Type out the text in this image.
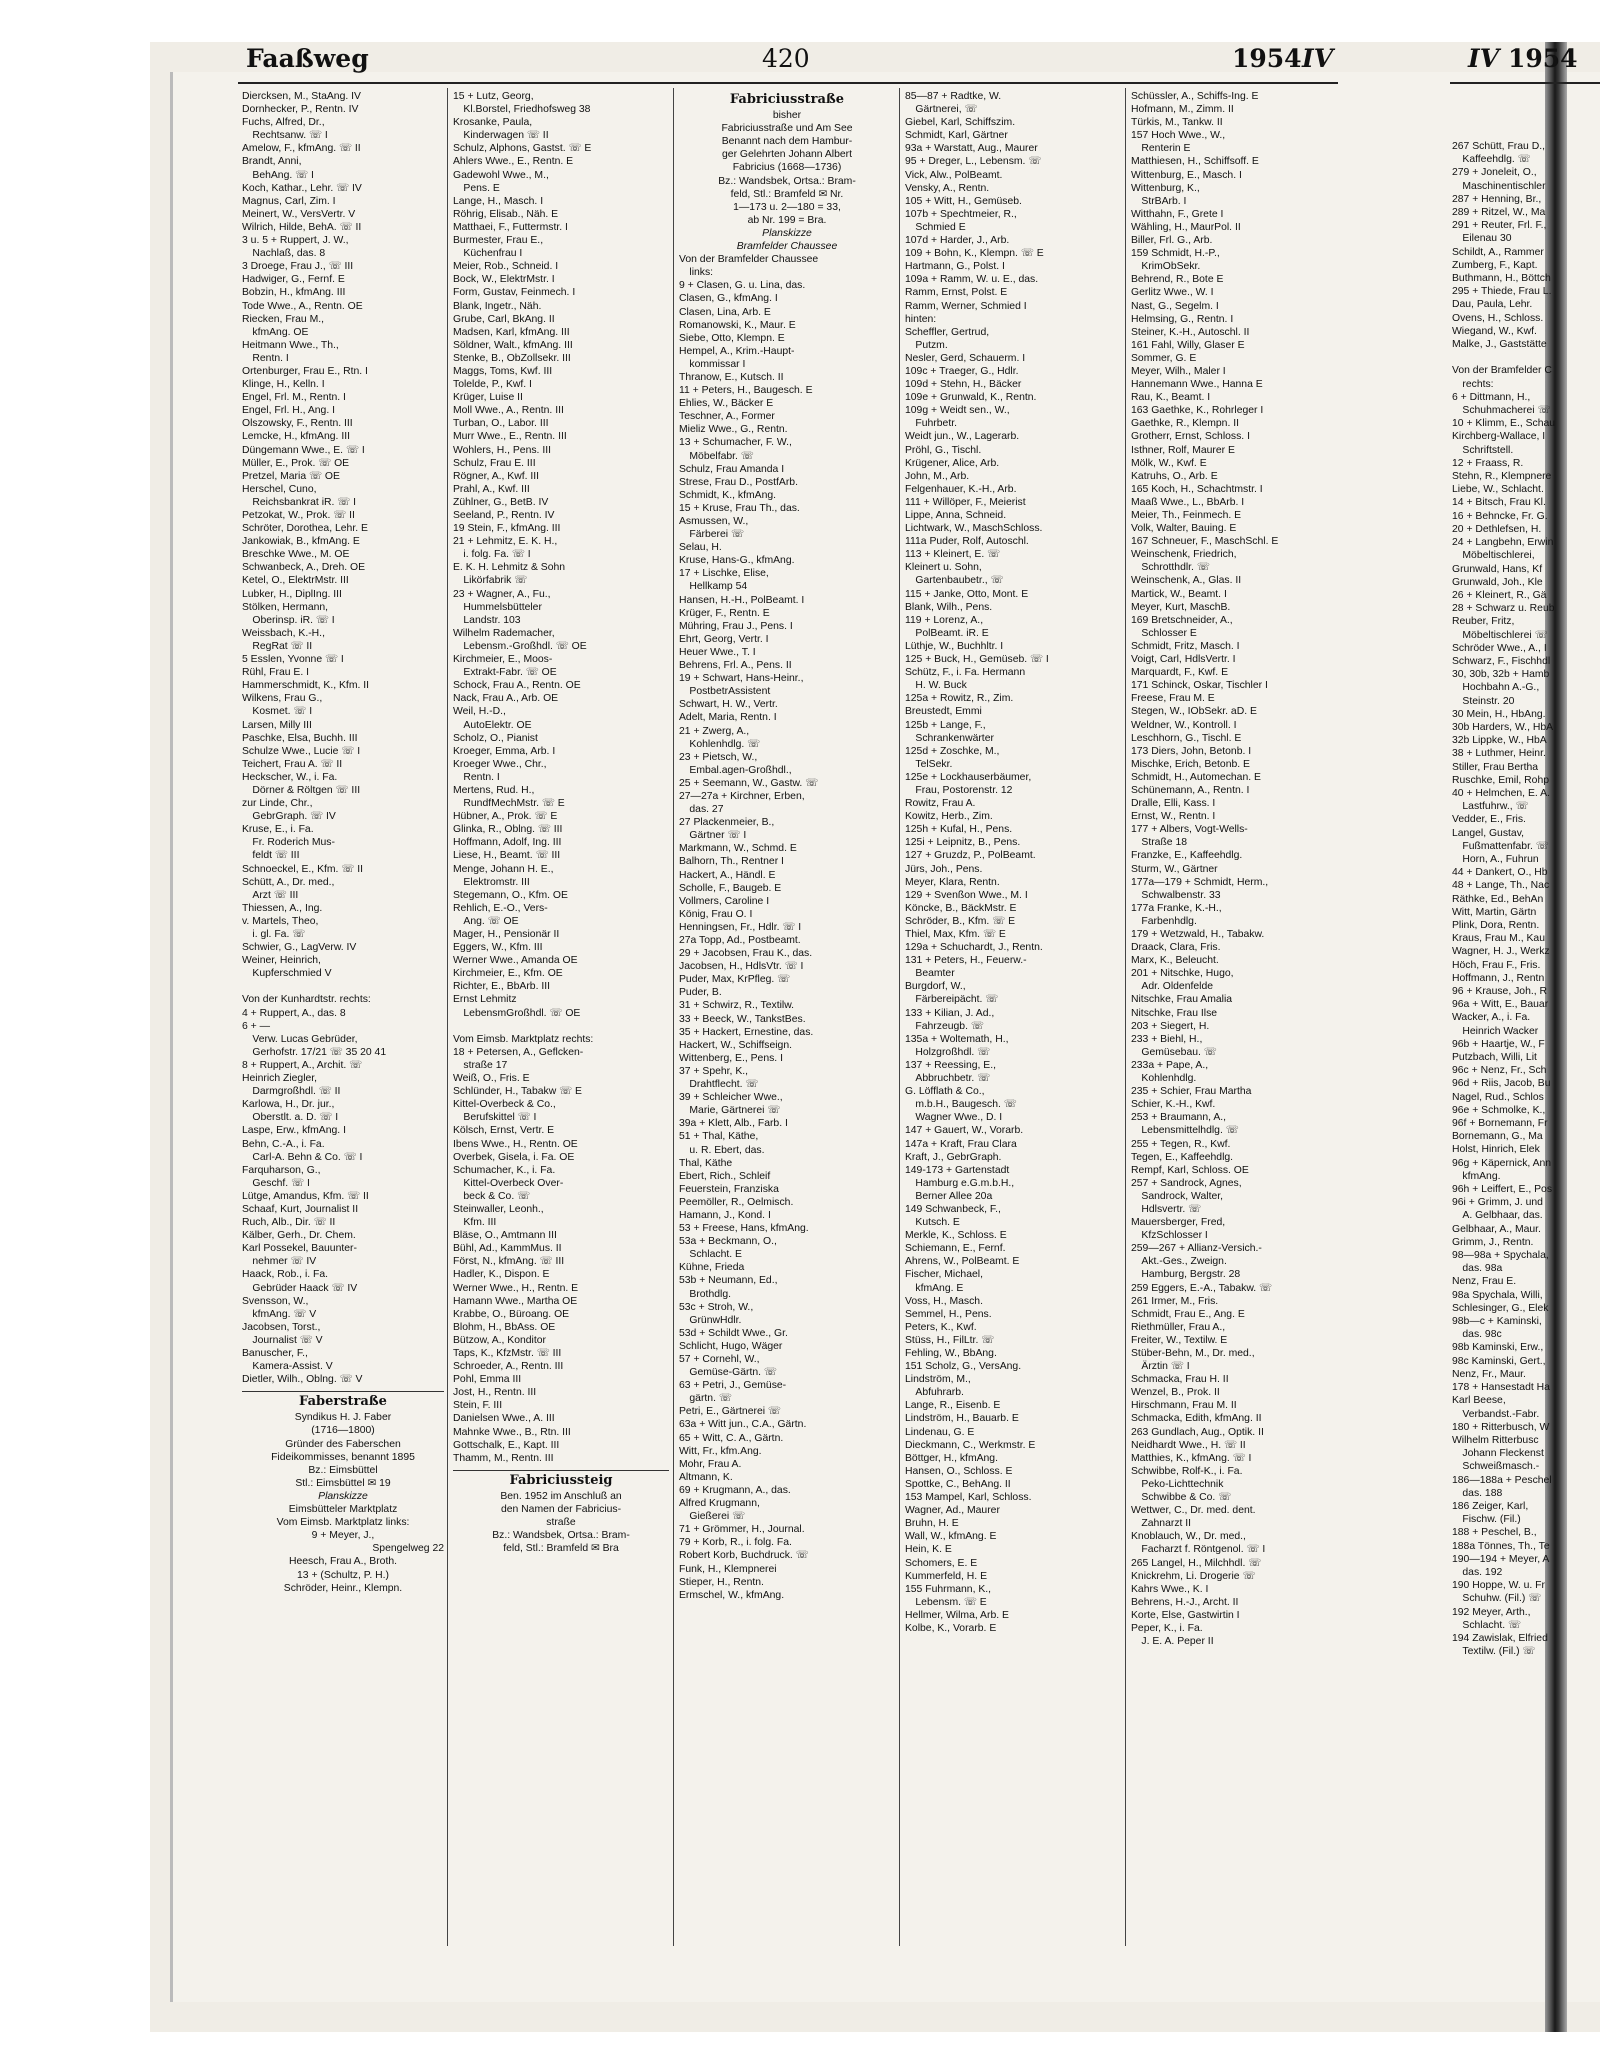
Faaßweg	420	1954 IV	IV 1954
Diercksen, M., StaAng. IV
Dornhecker, P., Rentn. IV
Fuchs, Alfred, Dr.,
 Rechtsanw. ☏ I
Amelow, F., kfmAng. ☏ II
Brandt, Anni,
 BehAng. ☏ I
Koch, Kathar., Lehr. ☏ IV
Magnus, Carl, Zim. I
Meinert, W., VersVertr. V
Wilrich, Hilde, BehA. ☏ II
3 u. 5 + Ruppert, J. W.,
 Nachlaß, das. 8
3 Droege, Frau J., ☏ III
Hadwiger, G., Fernf. E
Bobzin, H., kfmAng. III
Tode Wwe., A., Rentn. OE
Riecken, Frau M.,
 kfmAng. OE
Heitmann Wwe., Th.,
 Rentn. I
Ortenburger, Frau E., Rtn. I
Klinge, H., Kelln. I
Engel, Frl. M., Rentn. I
Engel, Frl. H., Ang. I
Olszowsky, F., Rentn. III
Lemcke, H., kfmAng. III
Düngemann Wwe., E. ☏ I
Müller, E., Prok. ☏ OE
Pretzel, Maria ☏ OE
Herschel, Cuno,
 Reichsbankrat iR. ☏ I
Petzokat, W., Prok. ☏ II
Schröter, Dorothea, Lehr. E
Jankowiak, B., kfmAng. E
Breschke Wwe., M. OE
Schwanbeck, A., Dreh. OE
Ketel, O., ElektrMstr. III
Lubker, H., DiplIng. III
Stölken, Hermann,
 Oberinsp. iR. ☏ I
Weissbach, K.-H.,
 RegRat ☏ II
5 Esslen, Yvonne ☏ I
Rühl, Frau E. I
Hammerschmidt, K., Kfm. II
Wilkens, Frau G.,
 Kosmet. ☏ I
Larsen, Milly III
Paschke, Elsa, Buchh. III
Schulze Wwe., Lucie ☏ I
Teichert, Frau A. ☏ II
Heckscher, W., i. Fa.
 Dörner & Röltgen ☏ III
zur Linde, Chr.,
 GebrGraph. ☏ IV
Kruse, E., i. Fa.
 Fr. Roderich Mus-
 feldt ☏ III
Schnoeckel, E., Kfm. ☏ II
Schütt, A., Dr. med.,
 Arzt ☏ III
Thiessen, A., Ing.
v. Martels, Theo,
 i. gl. Fa. ☏
Schwier, G., LagVerw. IV
Weiner, Heinrich,
 Kupferschmied V

Von der Kunhardtstr. rechts:
4 + Ruppert, A., das. 8
6 + —
 Verw. Lucas Gebrüder,
 Gerhofstr. 17/21 ☏ 35 20 41
8 + Ruppert, A., Archit. ☏
Heinrich Ziegler,
 Darmgroßhdl. ☏ II
Karlowa, H., Dr. jur.,
 Oberstlt. a. D. ☏ I
Laspe, Erw., kfmAng. I
Behn, C.-A., i. Fa.
 Carl-A. Behn & Co. ☏ I
Farquharson, G.,
 Geschf. ☏ I
Lütge, Amandus, Kfm. ☏ II
Schaaf, Kurt, Journalist II
Ruch, Alb., Dir. ☏ II
Kälber, Gerh., Dr. Chem.
Karl Possekel, Bauunter-
 nehmer ☏ IV
Haack, Rob., i. Fa.
 Gebrüder Haack ☏ IV
Svensson, W.,
 kfmAng. ☏ V
Jacobsen, Torst.,
 Journalist ☏ V
Banuscher, F.,
 Kamera-Assist. V
Dietler, Wilh., Oblng. ☏ V
Faberstraße
Syndikus H. J. Faber
(1716—1800)
Gründer des Faberschen
Fideikommisses, benannt 1895
Bz.: Eimsbüttel
Stl.: Eimsbüttel ✉ 19
Planskizze
Eimsbütteler Marktplatz
Vom Eimsb. Marktplatz links:
9 + Meyer, J.,
Spengelweg 22
Heesch, Frau A., Broth.
13 + (Schultz, P. H.)
Schröder, Heinr., Klempn.
15 + Lutz, Georg,
 Kl.Borstel, Friedhofsweg 38
Krosanke, Paula,
 Kinderwagen ☏ II
Schulz, Alphons, Gastst. ☏ E
Ahlers Wwe., E., Rentn. E
Gadewohl Wwe., M.,
 Pens. E
Lange, H., Masch. I
Röhrig, Elisab., Näh. E
Matthaei, F., Futtermstr. I
Burmester, Frau E.,
 Küchenfrau I
Meier, Rob., Schneid. I
Bock, W., ElektrMstr. I
Form, Gustav, Feinmech. I
Blank, Ingetr., Näh.
Grube, Carl, BkAng. II
Madsen, Karl, kfmAng. III
Söldner, Walt., kfmAng. III
Stenke, B., ObZollsekr. III
Maggs, Toms, Kwf. III
Tolelde, P., Kwf. I
Krüger, Luise II
Moll Wwe., A., Rentn. III
Turban, O., Labor. III
Murr Wwe., E., Rentn. III
Wohlers, H., Pens. III
Schulz, Frau E. III
Rögner, A., Kwf. III
Prahl, A., Kwf. III
Zühlner, G., BetB. IV
Seeland, P., Rentn. IV
19 Stein, F., kfmAng. III
21 + Lehmitz, E. K. H.,
 i. folg. Fa. ☏ I
E. K. H. Lehmitz & Sohn
 Likörfabrik ☏
23 + Wagner, A., Fu.,
 Hummelsbütteler
 Landstr. 103
Wilhelm Rademacher,
 Lebensm.-Großhdl. ☏ OE
Kirchmeier, E., Moos-
 Extrakt-Fabr. ☏ OE
Schock, Frau A., Rentn. OE
Nack, Frau A., Arb. OE
Weil, H.-D.,
 AutoElektr. OE
Scholz, O., Pianist
Kroeger, Emma, Arb. I
Kroeger Wwe., Chr.,
 Rentn. I
Mertens, Rud. H.,
 RundfMechMstr. ☏ E
Hübner, A., Prok. ☏ E
Glinka, R., Oblng. ☏ III
Hoffmann, Adolf, Ing. III
Liese, H., Beamt. ☏ III
Menge, Johann H. E.,
 Elektromstr. III
Stegemann, O., Kfm. OE
Rehlich, E.-O., Vers-
 Ang. ☏ OE
Mager, H., Pensionär II
Eggers, W., Kfm. III
Werner Wwe., Amanda OE
Kirchmeier, E., Kfm. OE
Richter, E., BbArb. III
Ernst Lehmitz
 LebensmGroßhdl. ☏ OE

Vom Eimsb. Marktplatz rechts:
18 + Petersen, A., Geflcken-
 straße 17
Weiß, O., Fris. E
Schlünder, H., Tabakw ☏ E
Kittel-Overbeck & Co.,
 Berufskittel ☏ I
Kölsch, Ernst, Vertr. E
Ibens Wwe., H., Rentn. OE
Overbek, Gisela, i. Fa. OE
Schumacher, K., i. Fa.
 Kittel-Overbeck Over-
 beck & Co. ☏
Steinwaller, Leonh.,
 Kfm. III
Bläse, O., Amtmann III
Bühl, Ad., KammMus. II
Först, N., kfmAng. ☏ III
Hadler, K., Dispon. E
Werner Wwe., H., Rentn. E
Hamann Wwe., Martha OE
Krabbe, O., Büroang. OE
Blohm, H., BbAss. OE
Bützow, A., Konditor
Taps, K., KfzMstr. ☏ III
Schroeder, A., Rentn. III
Pohl, Emma III
Jost, H., Rentn. III
Stein, F. III
Danielsen Wwe., A. III
Mahnke Wwe., B., Rtn. III
Gottschalk, E., Kapt. III
Thamm, M., Rentn. III
Fabriciussteig
Ben. 1952 im Anschluß an
den Namen der Fabricius-
straße
Bz.: Wandsbek, Ortsa.: Bram-
feld, Stl.: Bramfeld ✉ Bra
Fabriciusstraße
bisher
Fabriciusstraße und Am See
Benannt nach dem Hambur-
ger Gelehrten Johann Albert
Fabricius (1668—1736)
Bz.: Wandsbek, Ortsa.: Bram-
feld, Stl.: Bramfeld ✉ Nr.
1—173 u. 2—180 = 33,
ab Nr. 199 = Bra.
Planskizze
Bramfelder Chaussee
Von der Bramfelder Chaussee
 links:
9 + Clasen, G. u. Lina, das.
Clasen, G., kfmAng. I
Clasen, Lina, Arb. E
Romanowski, K., Maur. E
Siebe, Otto, Klempn. E
Hempel, A., Krim.-Haupt-
 kommissar I
Thranow, E., Kutsch. II
11 + Peters, H., Baugesch. E
Ehlies, W., Bäcker E
Teschner, A., Former
Mieliz Wwe., G., Rentn.
13 + Schumacher, F. W.,
 Möbelfabr. ☏
Schulz, Frau Amanda I
Strese, Frau D., PostfArb.
Schmidt, K., kfmAng.
15 + Kruse, Frau Th., das.
Asmussen, W.,
 Färberei ☏
Selau, H.
Kruse, Hans-G., kfmAng.
17 + Lischke, Elise,
 Hellkamp 54
Hansen, H.-H., PolBeamt. I
Krüger, F., Rentn. E
Mühring, Frau J., Pens. I
Ehrt, Georg, Vertr. I
Heuer Wwe., T. I
Behrens, Frl. A., Pens. II
19 + Schwart, Hans-Heinr.,
 PostbetrAssistent
Schwart, H. W., Vertr.
Adelt, Maria, Rentn. I
21 + Zwerg, A.,
 Kohlenhdlg. ☏
23 + Pietsch, W.,
 Embal.agen-Großhdl.,
25 + Seemann, W., Gastw. ☏
27—27a + Kirchner, Erben,
 das. 27
27 Plackenmeier, B.,
 Gärtner ☏ I
Markmann, W., Schmd. E
Balhorn, Th., Rentner I
Hackert, A., Händl. E
Scholle, F., Baugeb. E
Vollmers, Caroline I
König, Frau O. I
Henningsen, Fr., Hdlr. ☏ I
27a Topp, Ad., Postbeamt.
29 + Jacobsen, Frau K., das.
Jacobsen, H., HdlsVtr. ☏ I
Puder, Max, KrPfleg. ☏
Puder, B.
31 + Schwirz, R., Textilw.
33 + Beeck, W., TankstBes.
35 + Hackert, Ernestine, das.
Hackert, W., Schiffseign.
Wittenberg, E., Pens. I
37 + Spehr, K.,
 Drahtflecht. ☏
39 + Schleicher Wwe.,
 Marie, Gärtnerei ☏
39a + Klett, Alb., Farb. I
51 + Thal, Käthe,
 u. R. Ebert, das.
Thal, Käthe
Ebert, Rich., Schleif
Feuerstein, Franziska
Peemöller, R., Oelmisch.
Hamann, J., Kond. I
53 + Freese, Hans, kfmAng.
53a + Beckmann, O.,
 Schlacht. E
Kühne, Frieda
53b + Neumann, Ed.,
 Brothdlg.
53c + Stroh, W.,
 GrünwHdlr.
53d + Schildt Wwe., Gr.
Schlicht, Hugo, Wäger
57 + Cornehl, W.,
 Gemüse-Gärtn. ☏
63 + Petri, J., Gemüse-
 gärtn. ☏
Petri, E., Gärtnerei ☏
63a + Witt jun., C.A., Gärtn.
65 + Witt, C. A., Gärtn.
Witt, Fr., kfm.Ang.
Mohr, Frau A.
Altmann, K.
69 + Krugmann, A., das.
Alfred Krugmann,
 Gießerei ☏
71 + Grömmer, H., Journal.
79 + Korb, R., i. folg. Fa.
Robert Korb, Buchdruck. ☏
Funk, H., Klempnerei
Stieper, H., Rentn.
Ermschel, W., kfmAng.
85—87 + Radtke, W.
 Gärtnerei, ☏
Giebel, Karl, Schiffszim.
Schmidt, Karl, Gärtner
93a + Warstatt, Aug., Maurer
95 + Dreger, L., Lebensm. ☏
Vick, Alw., PolBeamt.
Vensky, A., Rentn.
105 + Witt, H., Gemüseb.
107b + Spechtmeier, R.,
 Schmied E
107d + Harder, J., Arb.
109 + Bohn, K., Klempn. ☏ E
Hartmann, G., Polst. I
109a + Ramm, W. u. E., das.
Ramm, Ernst, Polst. E
Ramm, Werner, Schmied I
hinten:
Scheffler, Gertrud,
 Putzm.
Nesler, Gerd, Schauerm. I
109c + Traeger, G., Hdlr.
109d + Stehn, H., Bäcker
109e + Grunwald, K., Rentn.
109g + Weidt sen., W.,
 Fuhrbetr.
Weidt jun., W., Lagerarb.
Pröhl, G., Tischl.
Krügener, Alice, Arb.
John, M., Arb.
Felgenhauer, K.-H., Arb.
111 + Willöper, F., Meierist
Lippe, Anna, Schneid.
Lichtwark, W., MaschSchloss.
111a Puder, Rolf, Autoschl.
113 + Kleinert, E. ☏
Kleinert u. Sohn,
 Gartenbaubetr., ☏
115 + Janke, Otto, Mont. E
Blank, Wilh., Pens.
119 + Lorenz, A.,
 PolBeamt. iR. E
Lüthje, W., Buchhltr. I
125 + Buck, H., Gemüseb. ☏ I
Schütz, F., i. Fa. Hermann
 H. W. Buck
125a + Rowitz, R., Zim.
Breustedt, Emmi
125b + Lange, F.,
 Schrankenwärter
125d + Zoschke, M.,
 TelSekr.
125e + Lockhauserbäumer,
 Frau, Postorenstr. 12
Rowitz, Frau A.
Kowitz, Herb., Zim.
125h + Kufal, H., Pens.
125i + Leipnitz, B., Pens.
127 + Gruzdz, P., PolBeamt.
Jürs, Joh., Pens.
Meyer, Klara, Rentn.
129 + Svenßon Wwe., M. I
Köncke, B., BäckMstr. E
Schröder, B., Kfm. ☏ E
Thiel, Max, Kfm. ☏ E
129a + Schuchardt, J., Rentn.
131 + Peters, H., Feuerw.-
 Beamter
Burgdorf, W.,
 Färbereipächt. ☏
133 + Kilian, J. Ad.,
 Fahrzeugb. ☏
135a + Woltemath, H.,
 Holzgroßhdl. ☏
137 + Reessing, E.,
 Abbruchbetr. ☏
G. Löfflath & Co.,
 m.b.H., Baugesch. ☏
 Wagner Wwe., D. I
147 + Gauert, W., Vorarb.
147a + Kraft, Frau Clara
Kraft, J., GebrGraph.
149-173 + Gartenstadt
 Hamburg e.G.m.b.H.,
 Berner Allee 20a
149 Schwanbeck, F.,
 Kutsch. E
Merkle, K., Schloss. E
Schiemann, E., Fernf.
Ahrens, W., PolBeamt. E
Fischer, Michael,
 kfmAng. E
Voss, H., Masch.
Semmel, H., Pens.
Peters, K., Kwf.
Stüss, H., FilLtr. ☏
Fehling, W., BbAng.
151 Scholz, G., VersAng.
Lindström, M.,
 Abfuhrarb.
Lange, R., Eisenb. E
Lindström, H., Bauarb. E
Lindenau, G. E
Dieckmann, C., Werkmstr. E
Böttger, H., kfmAng.
Hansen, O., Schloss. E
Spottke, C., BehAng. II
153 Mampel, Karl, Schloss.
Wagner, Ad., Maurer
Bruhn, H. E
Wall, W., kfmAng. E
Hein, K. E
Schomers, E. E
Kummerfeld, H. E
155 Fuhrmann, K.,
 Lebensm. ☏ E
Hellmer, Wilma, Arb. E
Kolbe, K., Vorarb. E
Schüssler, A., Schiffs-Ing. E
Hofmann, M., Zimm. II
Türkis, M., Tankw. II
157 Hoch Wwe., W.,
 Renterin E
Matthiesen, H., Schiffsoff. E
Wittenburg, E., Masch. I
Wittenburg, K.,
 StrBArb. I
Witthahn, F., Grete I
Wähling, H., MaurPol. II
Biller, Frl. G., Arb.
159 Schmidt, H.-P.,
 KrimObSekr.
Behrend, R., Bote E
Gerlitz Wwe., W. I
Nast, G., Segelm. I
Helmsing, G., Rentn. I
Steiner, K.-H., Autoschl. II
161 Fahl, Willy, Glaser E
Sommer, G. E
Meyer, Wilh., Maler I
Hannemann Wwe., Hanna E
Rau, K., Beamt. I
163 Gaethke, K., Rohrleger I
Gaethke, R., Klempn. II
Grotherr, Ernst, Schloss. I
Isthner, Rolf, Maurer E
Mölk, W., Kwf. E
Katruhs, O., Arb. E
165 Koch, H., Schachtmstr. I
Maaß Wwe., L., BbArb. I
Meier, Th., Feinmech. E
Volk, Walter, Bauing. E
167 Schneuer, F., MaschSchl. E
Weinschenk, Friedrich,
 Schrotthdlr. ☏
Weinschenk, A., Glas. II
Martick, W., Beamt. I
Meyer, Kurt, MaschB.
169 Bretschneider, A.,
 Schlosser E
Schmidt, Fritz, Masch. I
Voigt, Carl, HdlsVertr. I
Marquardt, F., Kwf. E
171 Schinck, Oskar, Tischler I
Freese, Frau M. E
Stegen, W., IObSekr. aD. E
Weldner, W., Kontroll. I
Leschhorn, G., Tischl. E
173 Diers, John, Betonb. I
Mischke, Erich, Betonb. E
Schmidt, H., Automechan. E
Schünemann, A., Rentn. I
Dralle, Elli, Kass. I
Ernst, W., Rentn. I
177 + Albers, Vogt-Wells-
 Straße 18
Franzke, E., Kaffeehdlg.
Sturm, W., Gärtner
177a—179 + Schmidt, Herm.,
 Schwalbenstr. 33
177a Franke, K.-H.,
 Farbenhdlg.
179 + Wetzwald, H., Tabakw.
Draack, Clara, Fris.
Marx, K., Beleucht.
201 + Nitschke, Hugo,
 Adr. Oldenfelde
Nitschke, Frau Amalia
Nitschke, Frau Ilse
203 + Siegert, H.
233 + Biehl, H.,
 Gemüsebau. ☏
233a + Pape, A.,
 Kohlenhdlg.
235 + Schier, Frau Martha
Schier, K.-H., Kwf.
253 + Braumann, A.,
 Lebensmittelhdlg. ☏
255 + Tegen, R., Kwf.
Tegen, E., Kaffeehdlg.
Rempf, Karl, Schloss. OE
257 + Sandrock, Agnes,
 Sandrock, Walter,
 Hdlsvertr. ☏
Mauersberger, Fred,
 KfzSchlosser I
259—267 + Allianz-Versich.-
 Akt.-Ges., Zweign.
 Hamburg, Bergstr. 28
259 Eggers, E.-A., Tabakw. ☏
261 Irmer, M., Fris.
Schmidt, Frau E., Ang. E
Riethmüller, Frau A.,
Freiter, W., Textilw. E
Stüber-Behn, M., Dr. med.,
 Ärztin ☏ I
Schmacka, Frau H. II
Wenzel, B., Prok. II
Hirschmann, Frau M. II
Schmacka, Edith, kfmAng. II
263 Gundlach, Aug., Optik. II
Neidhardt Wwe., H. ☏ II
Matthies, K., kfmAng. ☏ I
Schwibbe, Rolf-K., i. Fa.
 Peko-Lichttechnik
 Schwibbe & Co. ☏
Wettwer, C., Dr. med. dent.
 Zahnarzt II
Knoblauch, W., Dr. med.,
 Facharzt f. Röntgenol. ☏ I
265 Langel, H., Milchhdl. ☏
Knickrehm, Li. Drogerie ☏
Kahrs Wwe., K. I
Behrens, H.-J., Archt. II
Korte, Else, Gastwirtin I
Peper, K., i. Fa.
 J. E. A. Peper II
267 Schütt, Frau D.,
 Kaffeehdlg. ☏
279 + Joneleit, O.,
 Maschinentischler
287 + Henning, Br.,
289 + Ritzel, W., Ma
291 + Reuter, Frl. F.,
 Eilenau 30
Schildt, A., Rammer
Zumberg, F., Kapt.
Buthmann, H., Böttch
295 + Thiede, Frau L.
Dau, Paula, Lehr.
Ovens, H., Schloss.
Wiegand, W., Kwf.
Malke, J., Gaststätte

Von der Bramfelder C
 rechts:
6 + Dittmann, H.,
 Schuhmacherei ☏
10 + Klimm, E., Schau
Kirchberg-Wallace, I
 Schriftstell.
12 + Fraass, R.
Stehn, R., Klempnere
Liebe, W., Schlacht.
14 + Bitsch, Frau Kl.
16 + Behncke, Fr. G.
20 + Dethlefsen, H.
24 + Langbehn, Erwin
 Möbeltischlerei,
Grunwald, Hans, Kf
Grunwald, Joh., Kle
26 + Kleinert, R., Gä
28 + Schwarz u. Reub
Reuber, Fritz,
 Möbeltischlerei ☏
Schröder Wwe., A., I
Schwarz, F., Fischhdl
30, 30b, 32b + Hamb
 Hochbahn A.-G.,
 Steinstr. 20
30 Mein, H., HbAng.
30b Harders, W., HbA
32b Lippke, W., HbA
38 + Luthmer, Heinr.
Stiller, Frau Bertha
Ruschke, Emil, Rohp
40 + Helmchen, E. A.
 Lastfuhrw., ☏
Vedder, E., Fris.
Langel, Gustav,
 Fußmattenfabr. ☏
 Horn, A., Fuhrun
44 + Dankert, O., Hb
48 + Lange, Th., Nac
Räthke, Ed., BehAn
Witt, Martin, Gärtn
Plink, Dora, Rentn.
Kraus, Frau M., Kau
Wagner, H. J., Werkz
Höch, Frau F., Fris.
Hoffmann, J., Rentn
96 + Krause, Joh., R
96a + Witt, E., Bauar
Wacker, A., i. Fa.
 Heinrich Wacker
96b + Haartje, W., F
Putzbach, Willi, Lit
96c + Nenz, Fr., Sch
96d + Riis, Jacob, Bu
Nagel, Rud., Schlos
96e + Schmolke, K.,
96f + Bornemann, Fr
Bornemann, G., Ma
Holst, Hinrich, Elek
96g + Käpernick, Ann
 kfmAng.
96h + Leiffert, E., Pos
96i + Grimm, J. und
 A. Gelbhaar, das.
Gelbhaar, A., Maur.
Grimm, J., Rentn.
98—98a + Spychala,
 das. 98a
Nenz, Frau E.
98a Spychala, Willi,
Schlesinger, G., Elek
98b—c + Kaminski,
 das. 98c
98b Kaminski, Erw.,
98c Kaminski, Gert.,
Nenz, Fr., Maur.
178 + Hansestadt Ha
Karl Beese,
 Verbandst.-Fabr.
180 + Ritterbusch, W
Wilhelm Ritterbusc
 Johann Fleckenst
 Schweißmasch.-
186—188a + Peschel
 das. 188
186 Zeiger, Karl,
 Fischw. (Fil.)
188 + Peschel, B.,
188a Tönnes, Th., Te
190—194 + Meyer, A
 das. 192
190 Hoppe, W. u. Fr
 Schuhw. (Fil.) ☏
192 Meyer, Arth.,
 Schlacht. ☏
194 Zawislak, Elfried
 Textilw. (Fil.) ☏
